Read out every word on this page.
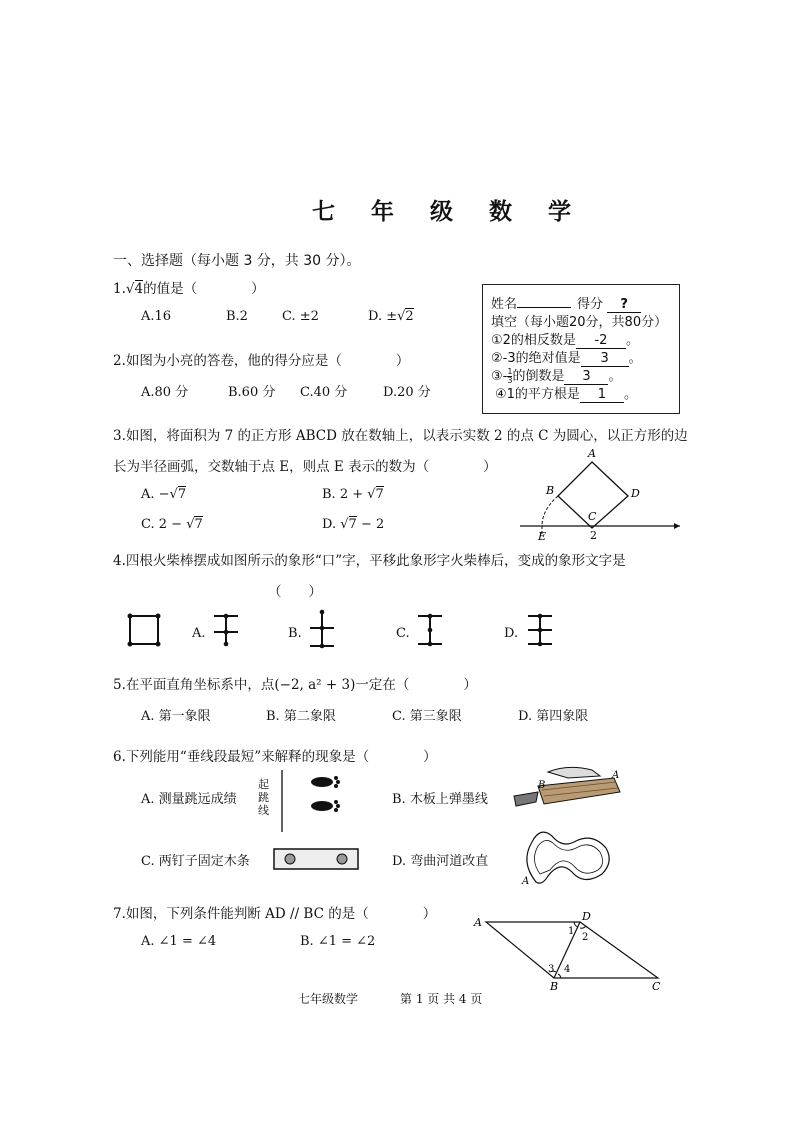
七 年 级 数 学
一、选择题（每小题 3 分，共 30 分）。
1.√4的值是（　　　　）
A.16	B.2	C. ±2	D. ±√2
姓名	得分 ?
填空（每小题20分，共80分）
①2的相反数是 -2 。
②-3的绝对值是 3 。
③- $\frac{1}{3}$ 的倒数是 3 。
④1的平方根是 1 。
2.如图为小亮的答卷，他的得分应是（　　　　）
A.80 分	B.60 分 C.40 分	D.20 分
3.如图，将面积为 7 的正方形 ABCD 放在数轴上，以表示实数 2 的点 C 为圆心，以正方形的边
长为半径画弧，交数轴于点 E，则点 E 表示的数为（　　　　）
A. −√7	B. 2 + √7
C. 2 − √7	D. √7 − 2
A
B
C
D
E	2
4.四根火柴棒摆成如图所示的象形“口”字，平移此象形字火柴棒后，变成的象形文字是
（　　）
A.	B.	C.	D.
5.在平面直角坐标系中，点(−2, a² + 3)一定在（　　　　）
A. 第一象限	B. 第二象限	C. 第三象限	D. 第四象限
6.下列能用“垂线段最短”来解释的现象是（　　　　）
A. 测量跳远成绩	B. 木板上弹墨线
C. 两钉子固定木条	D. 弯曲河道改直
起跳线
B
A
A
7.如图，下列条件能判断 AD // BC 的是（　　　　）
A. ∠1 = ∠4	B. ∠1 = ∠2
A	D
B	C
1
2
3 4
七年级数学	第 1 页 共 4 页
